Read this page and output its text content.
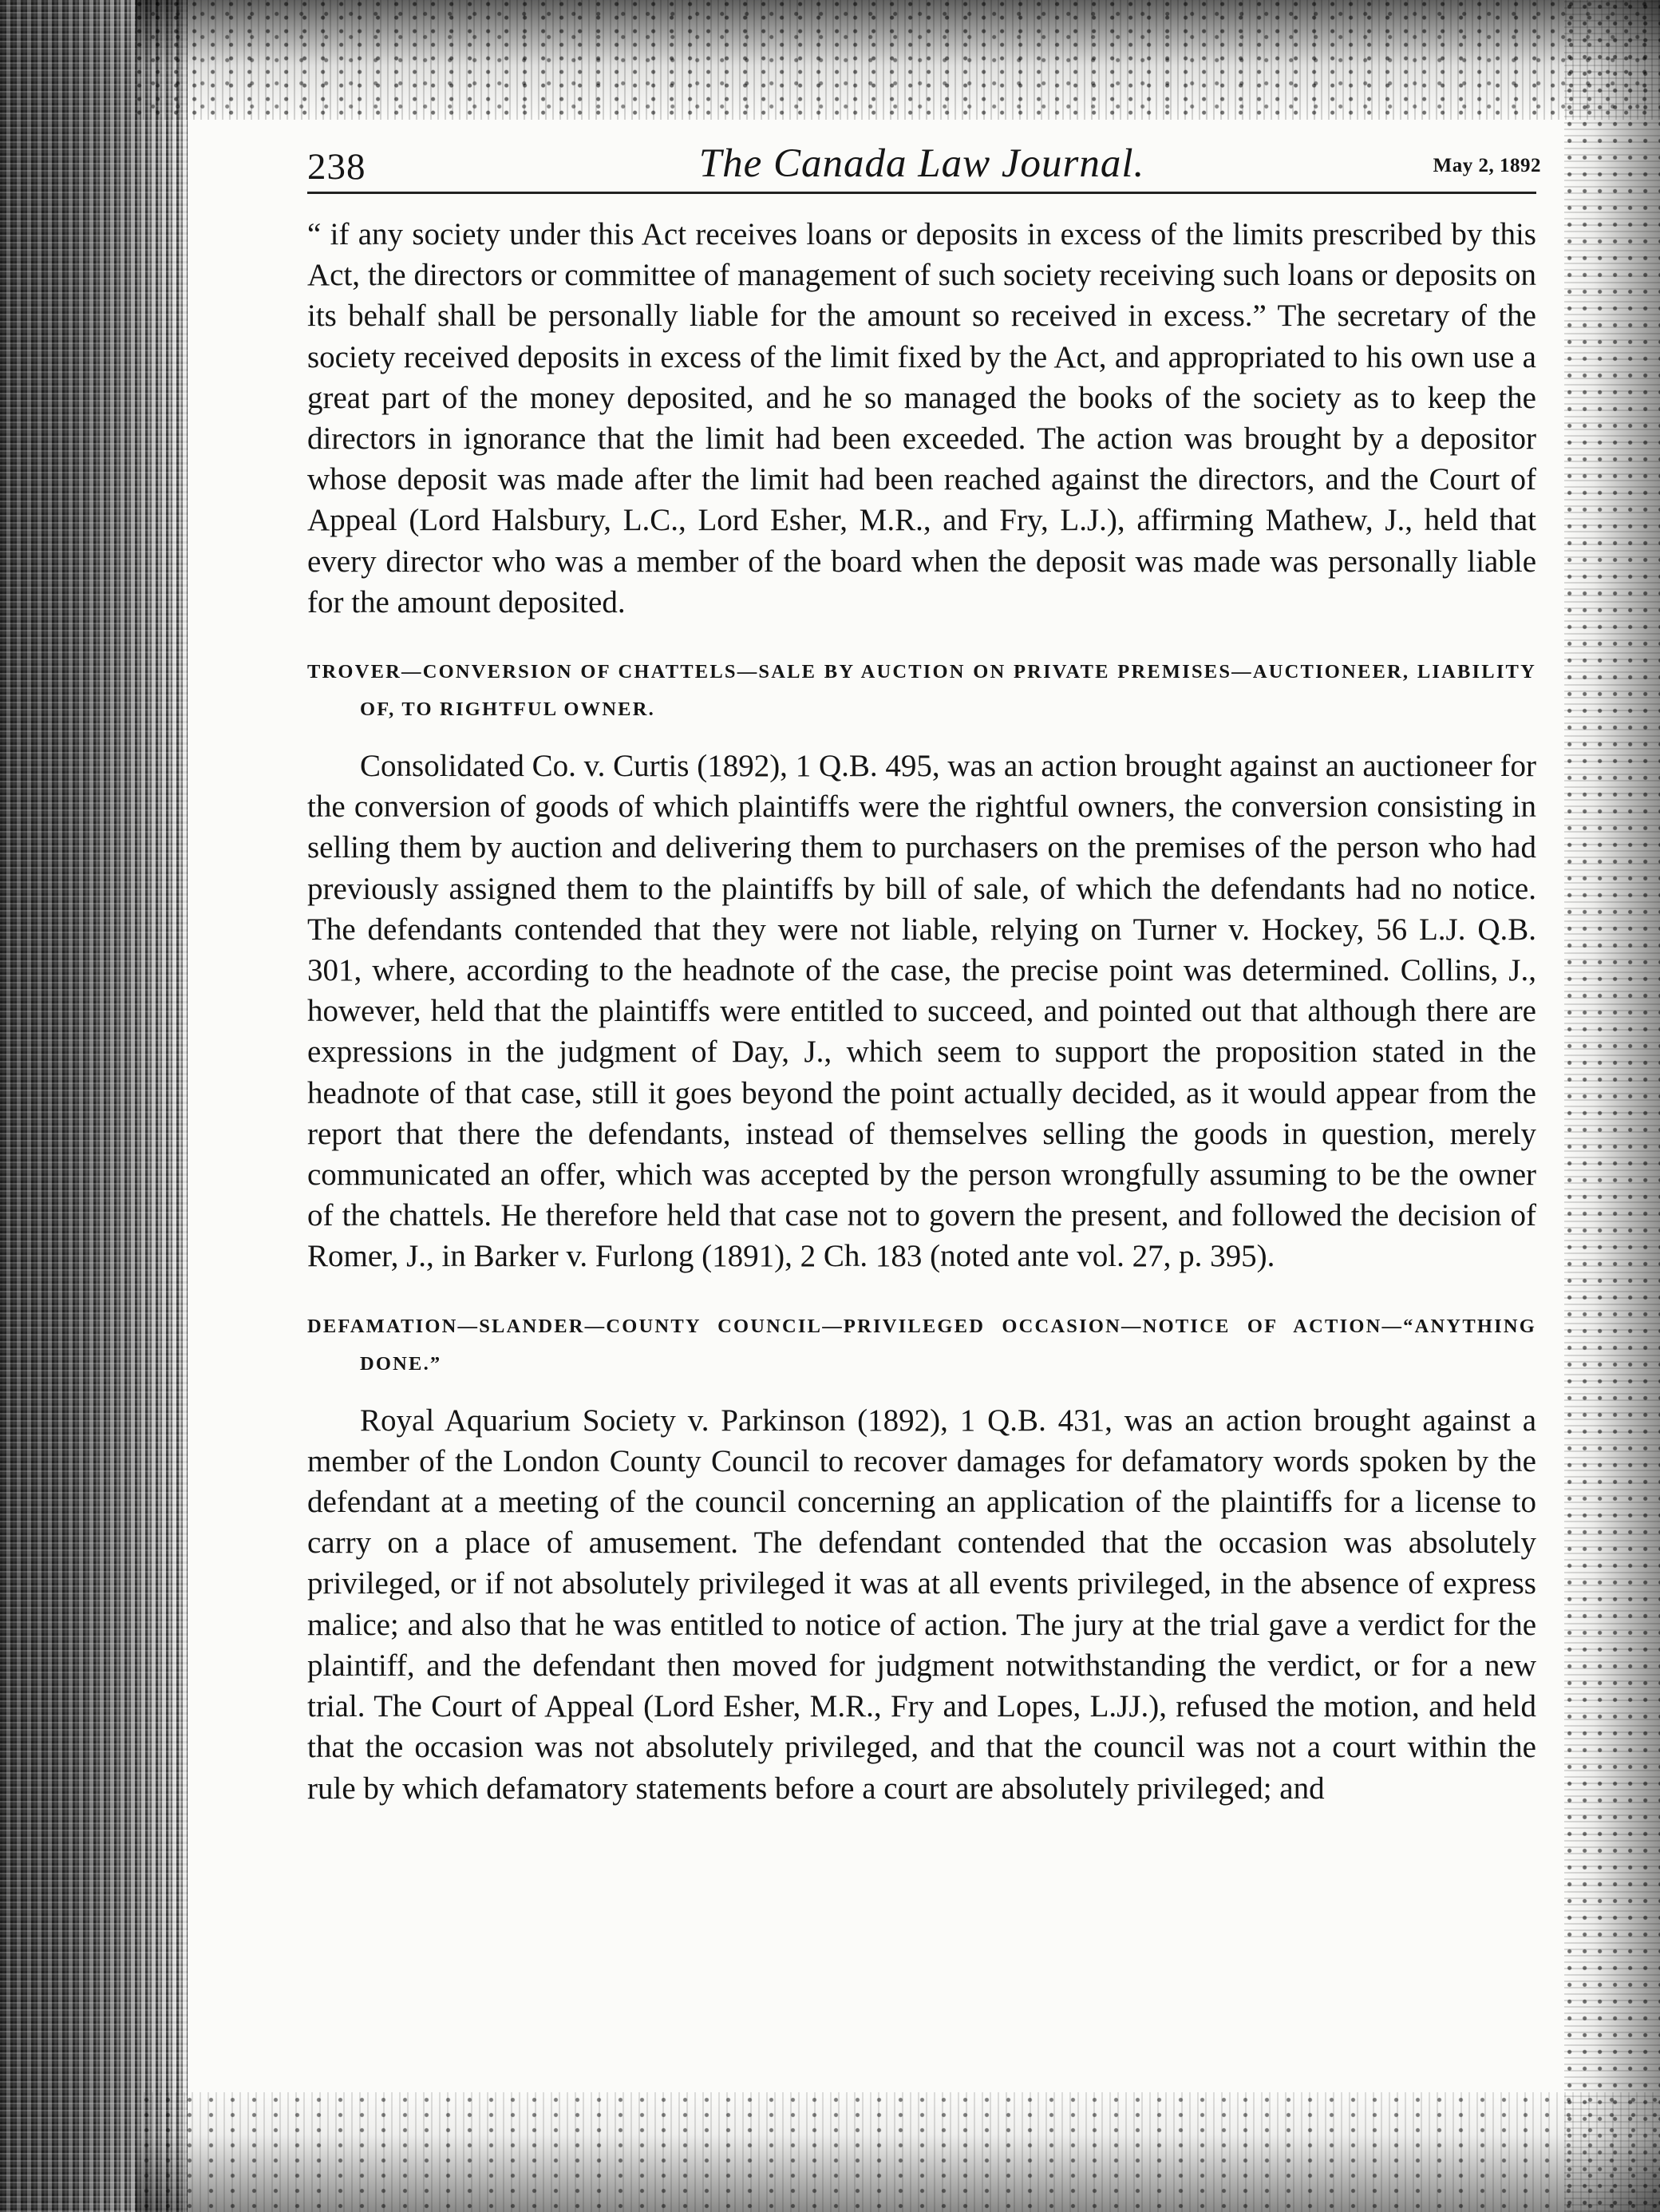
238	The Canada Law Journal.	May 2, 1892

“ if any society under this Act receives loans or deposits in excess of the limits prescribed by this Act, the directors or committee of management of such society receiving such loans or deposits on its behalf shall be personally liable for the amount so received in excess.” The secretary of the society received deposits in excess of the limit fixed by the Act, and appropriated to his own use a great part of the money deposited, and he so managed the books of the society as to keep the directors in ignorance that the limit had been exceeded. The action was brought by a depositor whose deposit was made after the limit had been reached against the directors, and the Court of Appeal (Lord Halsbury, L.C., Lord Esher, M.R., and Fry, L.J.), affirming Mathew, J., held that every director who was a member of the board when the deposit was made was personally liable for the amount deposited.

TROVER—CONVERSION OF CHATTELS—SALE BY AUCTION ON PRIVATE PREMISES—AUCTIONEER, LIABILITY OF, TO RIGHTFUL OWNER.

Consolidated Co. v. Curtis (1892), 1 Q.B. 495, was an action brought against an auctioneer for the conversion of goods of which plaintiffs were the rightful owners, the conversion consisting in selling them by auction and delivering them to purchasers on the premises of the person who had previously assigned them to the plaintiffs by bill of sale, of which the defendants had no notice. The defendants contended that they were not liable, relying on Turner v. Hockey, 56 L.J. Q.B. 301, where, according to the headnote of the case, the precise point was determined. Collins, J., however, held that the plaintiffs were entitled to succeed, and pointed out that although there are expressions in the judgment of Day, J., which seem to support the proposition stated in the headnote of that case, still it goes beyond the point actually decided, as it would appear from the report that there the defendants, instead of themselves selling the goods in question, merely communicated an offer, which was accepted by the person wrongfully assuming to be the owner of the chattels. He therefore held that case not to govern the present, and followed the decision of Romer, J., in Barker v. Furlong (1891), 2 Ch. 183 (noted ante vol. 27, p. 395).

DEFAMATION—SLANDER—COUNTY COUNCIL—PRIVILEGED OCCASION—NOTICE OF ACTION—“ANYTHING DONE.”

Royal Aquarium Society v. Parkinson (1892), 1 Q.B. 431, was an action brought against a member of the London County Council to recover damages for defamatory words spoken by the defendant at a meeting of the council concerning an application of the plaintiffs for a license to carry on a place of amusement. The defendant contended that the occasion was absolutely privileged, or if not absolutely privileged it was at all events privileged, in the absence of express malice; and also that he was entitled to notice of action. The jury at the trial gave a verdict for the plaintiff, and the defendant then moved for judgment notwithstanding the verdict, or for a new trial. The Court of Appeal (Lord Esher, M.R., Fry and Lopes, L.JJ.), refused the motion, and held that the occasion was not absolutely privileged, and that the council was not a court within the rule by which defamatory statements before a court are absolutely privileged; and
